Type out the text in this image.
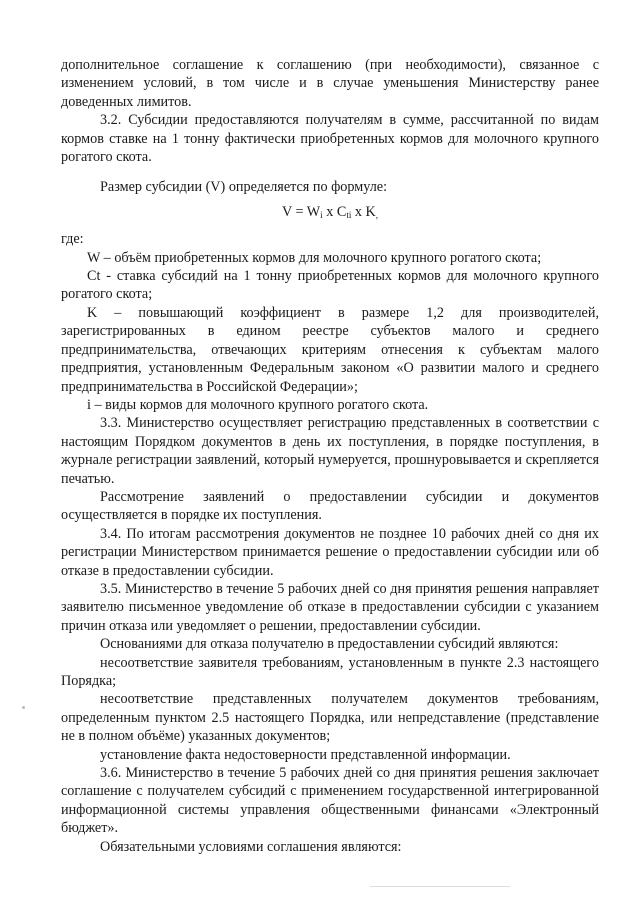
дополнительное соглашение к соглашению (при необходимости), связанное с изменением условий, в том числе и в случае уменьшения Министерству ранее доведенных лимитов.

3.2. Субсидии предоставляются получателям в сумме, рассчитанной по видам кормов ставке на 1 тонну фактически приобретенных кормов для молочного крупного рогатого скота.

Размер субсидии (V) определяется по формуле:

$V = W_i$ x $C_{ti}$ x $K_,$

где:

W – объём приобретенных кормов для молочного крупного рогатого скота;

Ct - ставка субсидий на 1 тонну приобретенных кормов для молочного крупного рогатого скота;

K – повышающий коэффициент в размере 1,2 для производителей, зарегистрированных в едином реестре субъектов малого и среднего предпринимательства, отвечающих критериям отнесения к субъектам малого предприятия, установленным Федеральным законом «О развитии малого и среднего предпринимательства в Российской Федерации»;

i – виды кормов для молочного крупного рогатого скота.

3.3. Министерство осуществляет регистрацию представленных в соответствии с настоящим Порядком документов в день их поступления, в порядке поступления, в журнале регистрации заявлений, который нумеруется, прошнуровывается и скрепляется печатью.

Рассмотрение заявлений о предоставлении субсидии и документов осуществляется в порядке их поступления.

3.4. По итогам рассмотрения документов не позднее 10 рабочих дней со дня их регистрации Министерством принимается решение о предоставлении субсидии или об отказе в предоставлении субсидии.

3.5. Министерство в течение 5 рабочих дней со дня принятия решения направляет заявителю письменное уведомление об отказе в предоставлении субсидии с указанием причин отказа или уведомляет о решении, предоставлении субсидии.

Основаниями для отказа получателю в предоставлении субсидий являются:

несоответствие заявителя требованиям, установленным в пункте 2.3 настоящего Порядка;

несоответствие представленных получателем документов требованиям, определенным пунктом 2.5 настоящего Порядка, или непредставление (представление не в полном объёме) указанных документов;

установление факта недостоверности представленной информации.

3.6. Министерство в течение 5 рабочих дней со дня принятия решения заключает соглашение с получателем субсидий с применением государственной интегрированной информационной системы управления общественными финансами «Электронный бюджет».

Обязательными условиями соглашения являются:
